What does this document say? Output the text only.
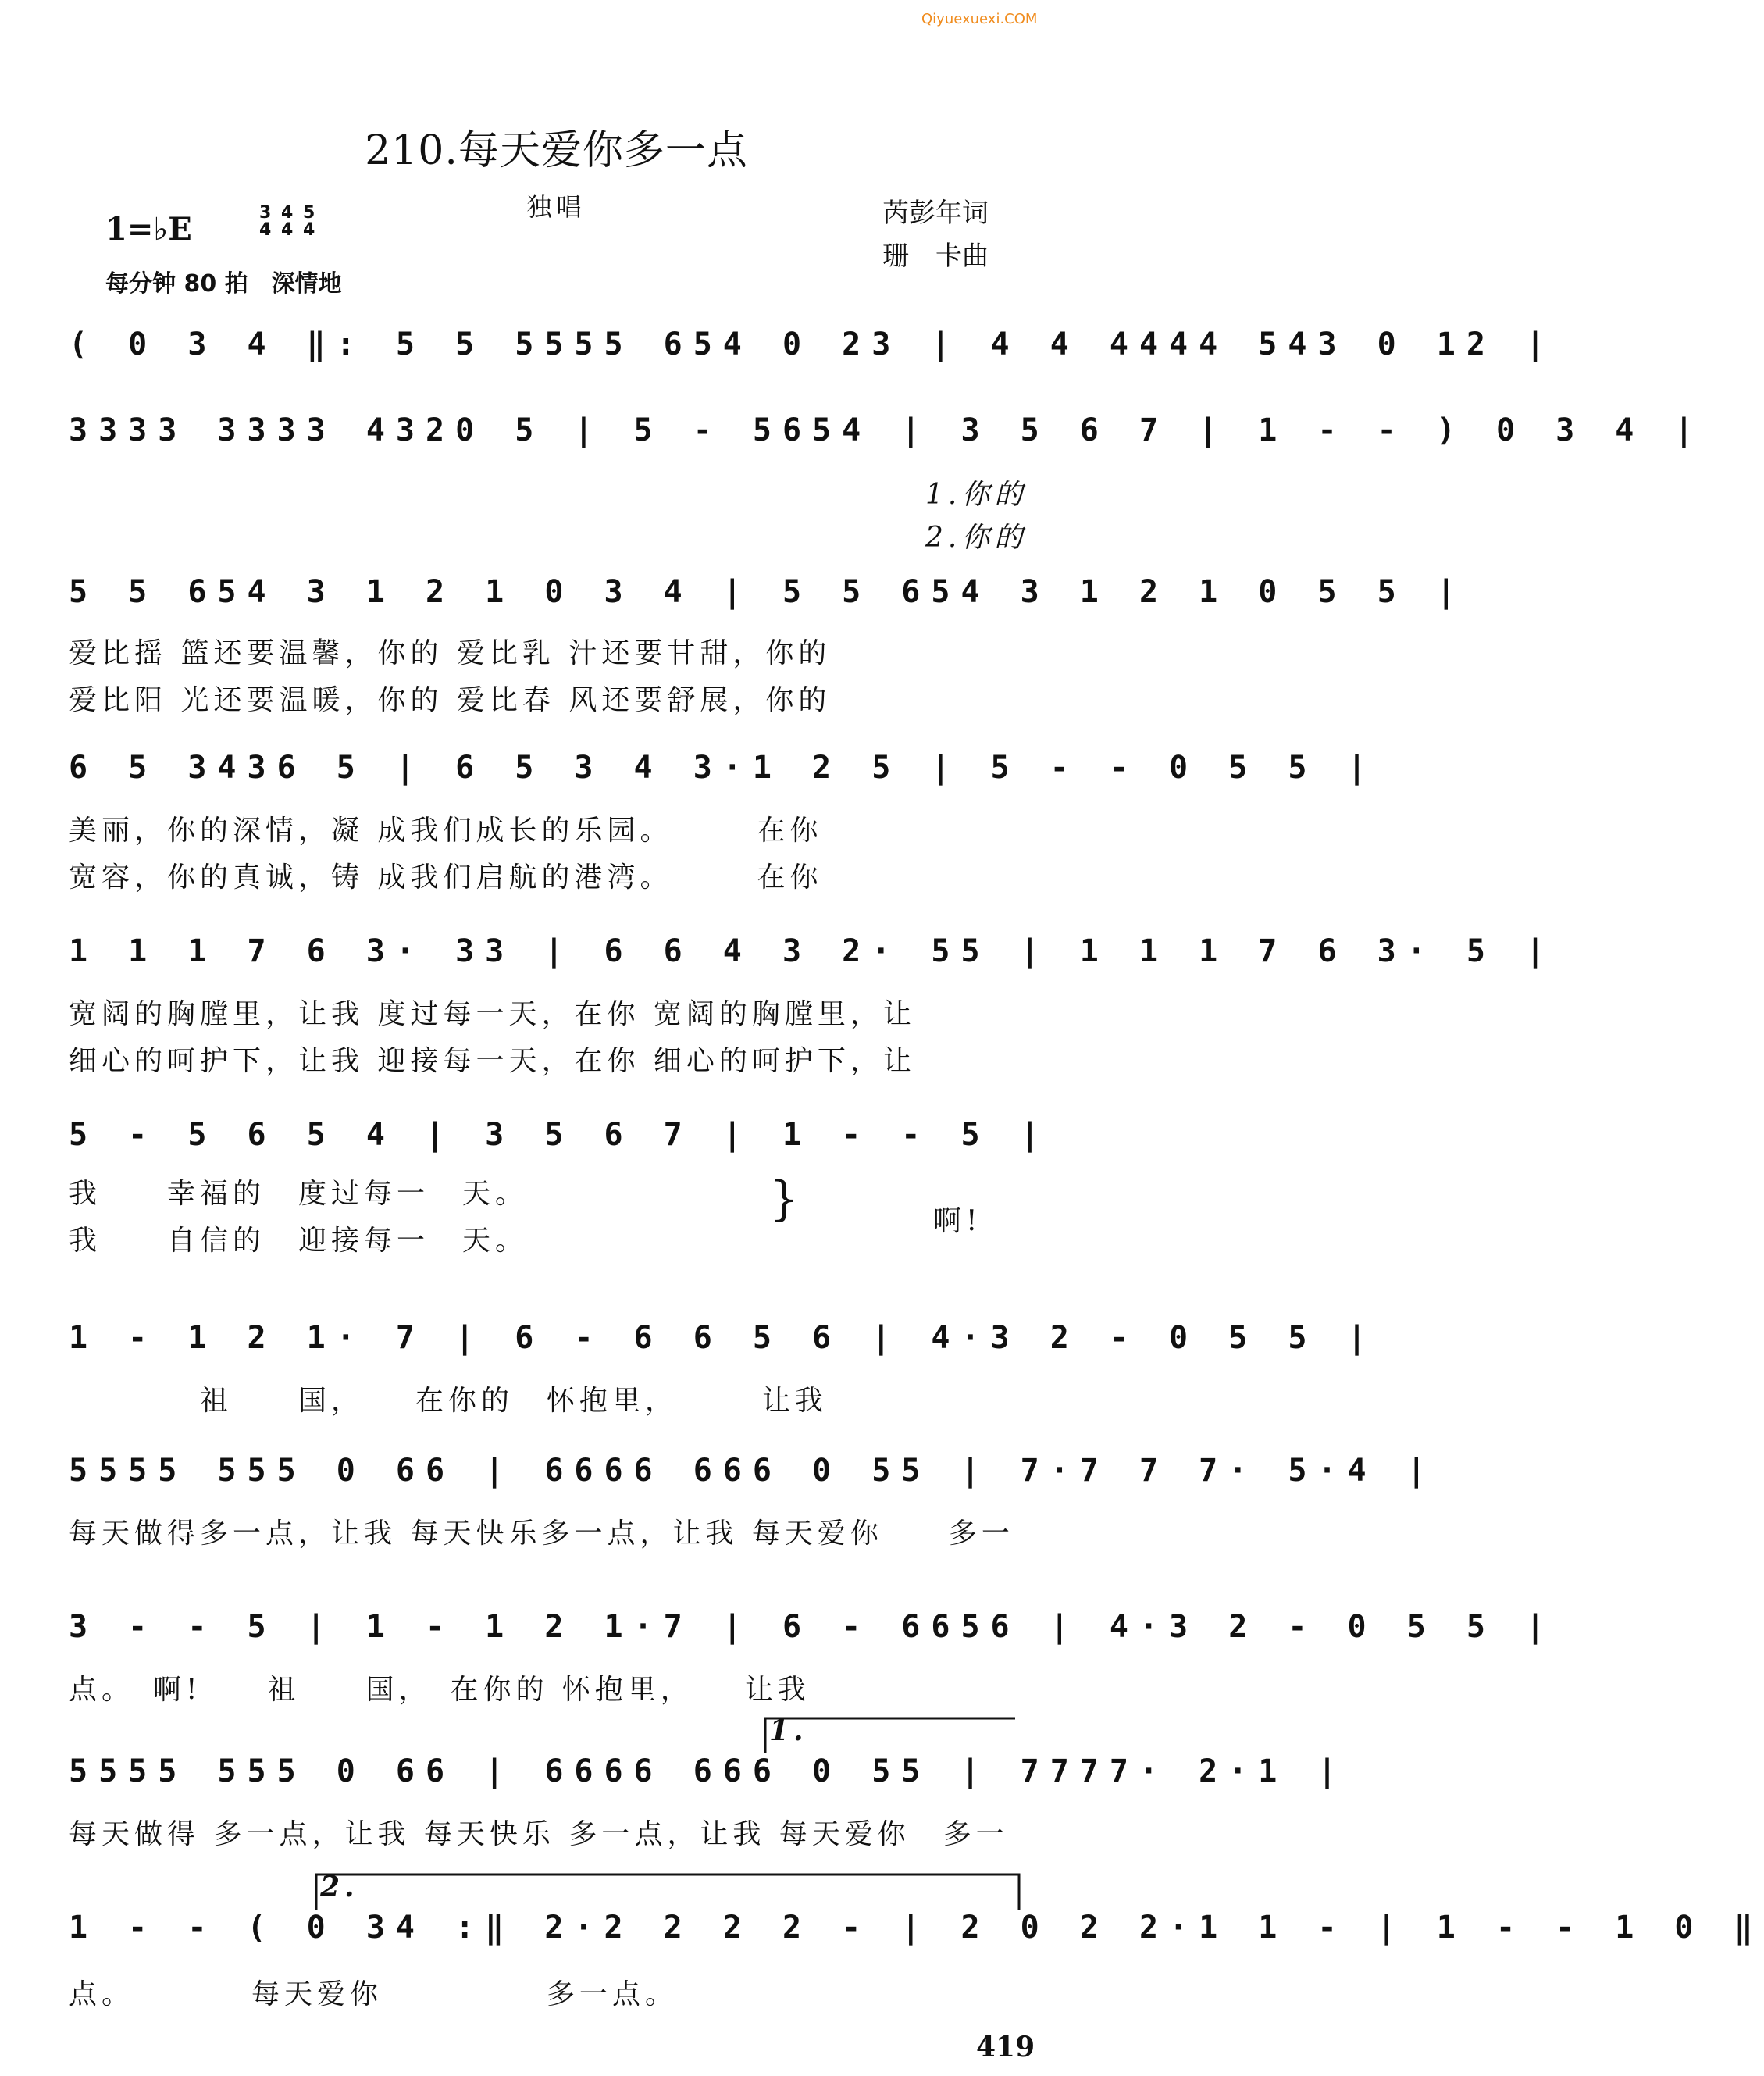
Qiyuexuexi.COM
210.每天爱你多一点
独唱
1=♭E	3
4

4
4

5
4
每分钟 80 拍　深情地
芮彭年词
珊　卡曲
( 0 3 4 ‖: 5 5 5555 654 0 23 | 4 4 4444 543 0 12 |
3333 3333 4320 5 | 5 - 5654 | 3 5 6 7 | 1 - - ) 0 3 4 |
1.你的
2.你的
5 5 654 3 1 2 1 0 3 4 | 5 5 654 3 1 2 1 0 5 5 |
爱比摇 篮还要温馨，你的 爱比乳 汁还要甘甜，你的
爱比阳 光还要温暖，你的 爱比春 风还要舒展，你的
6 5 3436 5 | 6 5 3 4 3·1 2 5 | 5 - - 0 5 5 |
美丽，你的深情，凝 成我们成长的乐园。　　　在你
宽容，你的真诚，铸 成我们启航的港湾。　　　在你
1 1 1 7 6 3· 33 | 6 6 4 3 2· 55 | 1 1 1 7 6 3· 5 |
宽阔的胸膛里，让我 度过每一天，在你 宽阔的胸膛里，让
细心的呵护下，让我 迎接每一天，在你 细心的呵护下，让
5 - 5 6 5 4 | 3 5 6 7 | 1 - - 5 |
我　　幸福的　度过每一　天。
我　　自信的　迎接每一　天。
}	啊!
1 - 1 2 1· 7 | 6 - 6 6 5 6 | 4·3 2 - 0 5 5 |
　　　　祖　　国，　　在你的　怀抱里，　　　让我
5555 555 0 66 | 6666 666 0 55 | 7·7 7 7· 5·4 |
每天做得多一点，让我 每天快乐多一点，让我 每天爱你　　多一
3 - - 5 | 1 - 1 2 1·7 | 6 - 6656 | 4·3 2 - 0 5 5 |
点。　啊!　　祖　　国，　在你的 怀抱里，　　让我
1.
5555 555 0 66 | 6666 666 0 55 | 7777· 2·1 |
每天做得 多一点，让我 每天快乐 多一点，让我 每天爱你　多一
2.
1 - - ( 0 34 :‖ 2·2 2 2 2 - | 2 0 2 2·1 1 - | 1 - - 1 0 ‖
点。　　　　每天爱你　　　　　多一点。
419
